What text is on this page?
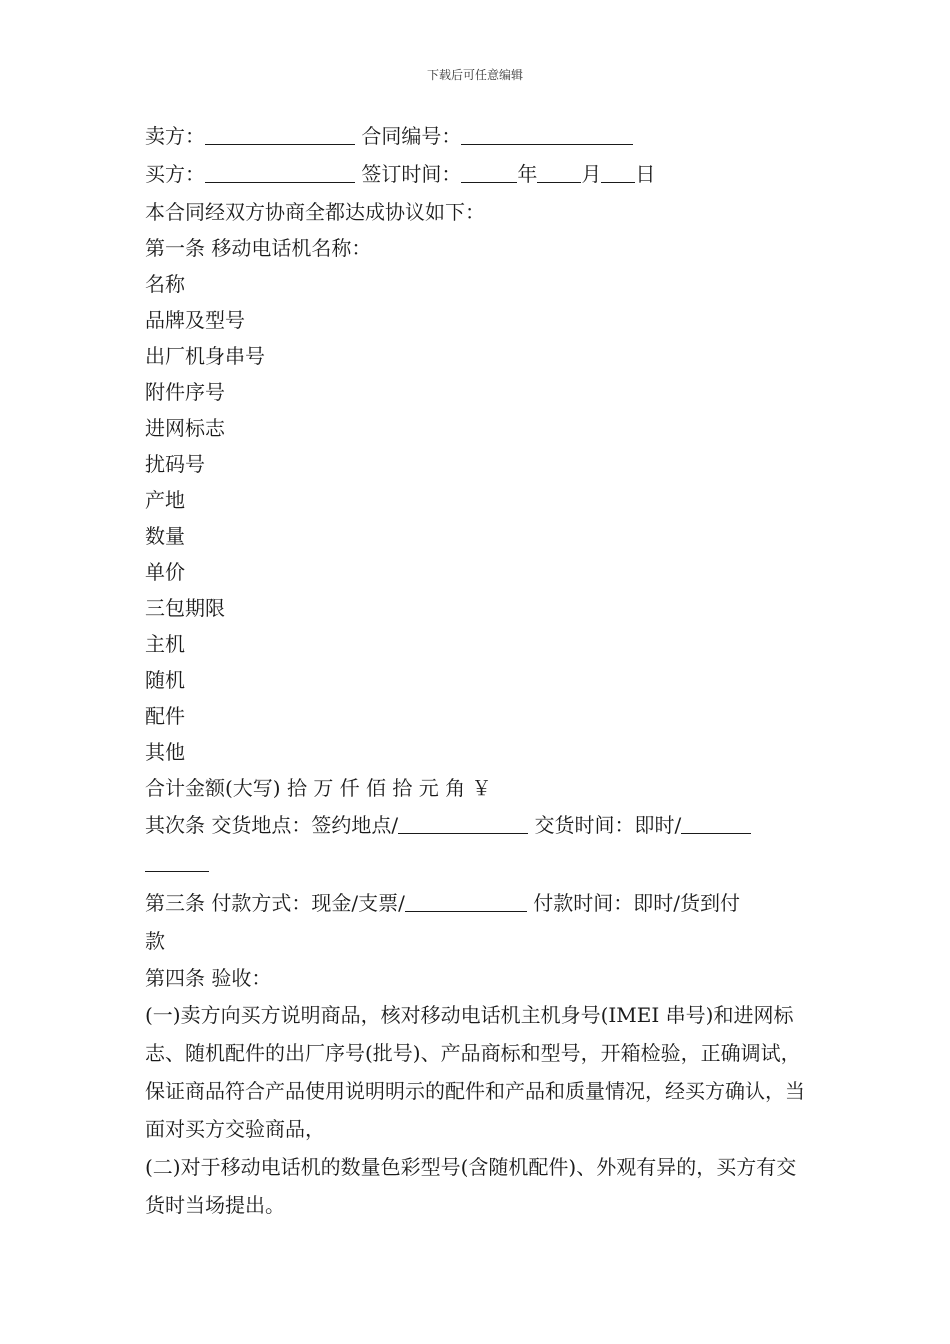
下载后可任意编辑
卖方：	合同编号：
买方：	签订时间：	年 月 日
本合同经双方协商全都达成协议如下：
第一条 移动电话机名称：
名称
品牌及型号
出厂机身串号
附件序号
进网标志
扰码号
产地
数量
单价
三包期限
主机
随机
配件
其他
合计金额(大写) 拾 万 仟 佰 拾 元 角 ￥
其次条 交货地点：签约地点/	交货时间：即时/

第三条 付款方式：现金/支票/	付款时间：即时/货到付
款
第四条 验收：
(一)卖方向买方说明商品，核对移动电话机主机身号(IMEI 串号)和进网标志、随机配件的出厂序号(批号)、产品商标和型号，开箱检验，正确调试，保证商品符合产品使用说明明示的配件和产品和质量情况，经买方确认，当面对买方交验商品，
(二)对于移动电话机的数量色彩型号(含随机配件)、外观有异的，买方有交货时当场提出。
